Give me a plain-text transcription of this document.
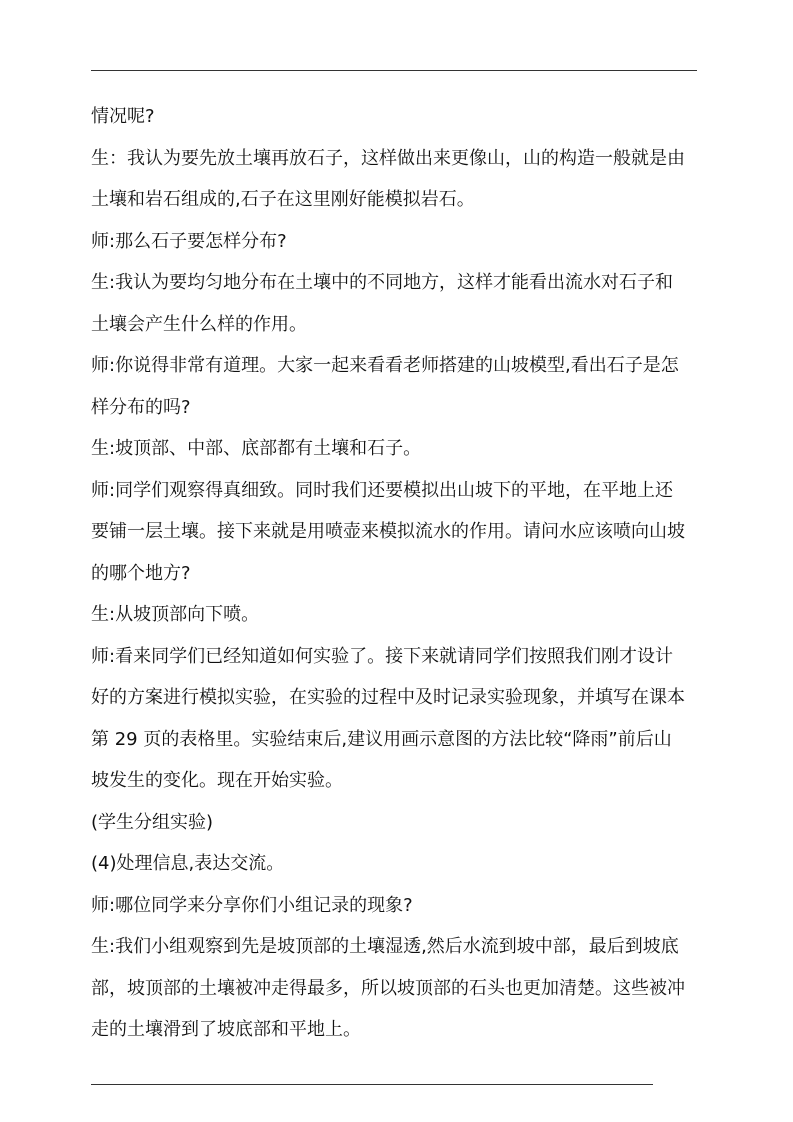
情况呢?
生：我认为要先放土壤再放石子，这样做出来更像山，山的构造一般就是由
土壤和岩石组成的,石子在这里刚好能模拟岩石。
师:那么石子要怎样分布?
生:我认为要均匀地分布在土壤中的不同地方，这样才能看出流水对石子和
土壤会产生什么样的作用。
师:你说得非常有道理。大家一起来看看老师搭建的山坡模型,看出石子是怎
样分布的吗?
生:坡顶部、中部、底部都有土壤和石子。
师:同学们观察得真细致。同时我们还要模拟出山坡下的平地，在平地上还
要铺一层土壤。接下来就是用喷壶来模拟流水的作用。请问水应该喷向山坡
的哪个地方?
生:从坡顶部向下喷。
师:看来同学们已经知道如何实验了。接下来就请同学们按照我们刚才设计
好的方案进行模拟实验，在实验的过程中及时记录实验现象，并填写在课本
第 29 页的表格里。实验结束后,建议用画示意图的方法比较“降雨”前后山
坡发生的变化。现在开始实验。
(学生分组实验)
(4)处理信息,表达交流。
师:哪位同学来分享你们小组记录的现象?
生:我们小组观察到先是坡顶部的土壤湿透,然后水流到坡中部，最后到坡底
部，坡顶部的土壤被冲走得最多，所以坡顶部的石头也更加清楚。这些被冲
走的土壤滑到了坡底部和平地上。
